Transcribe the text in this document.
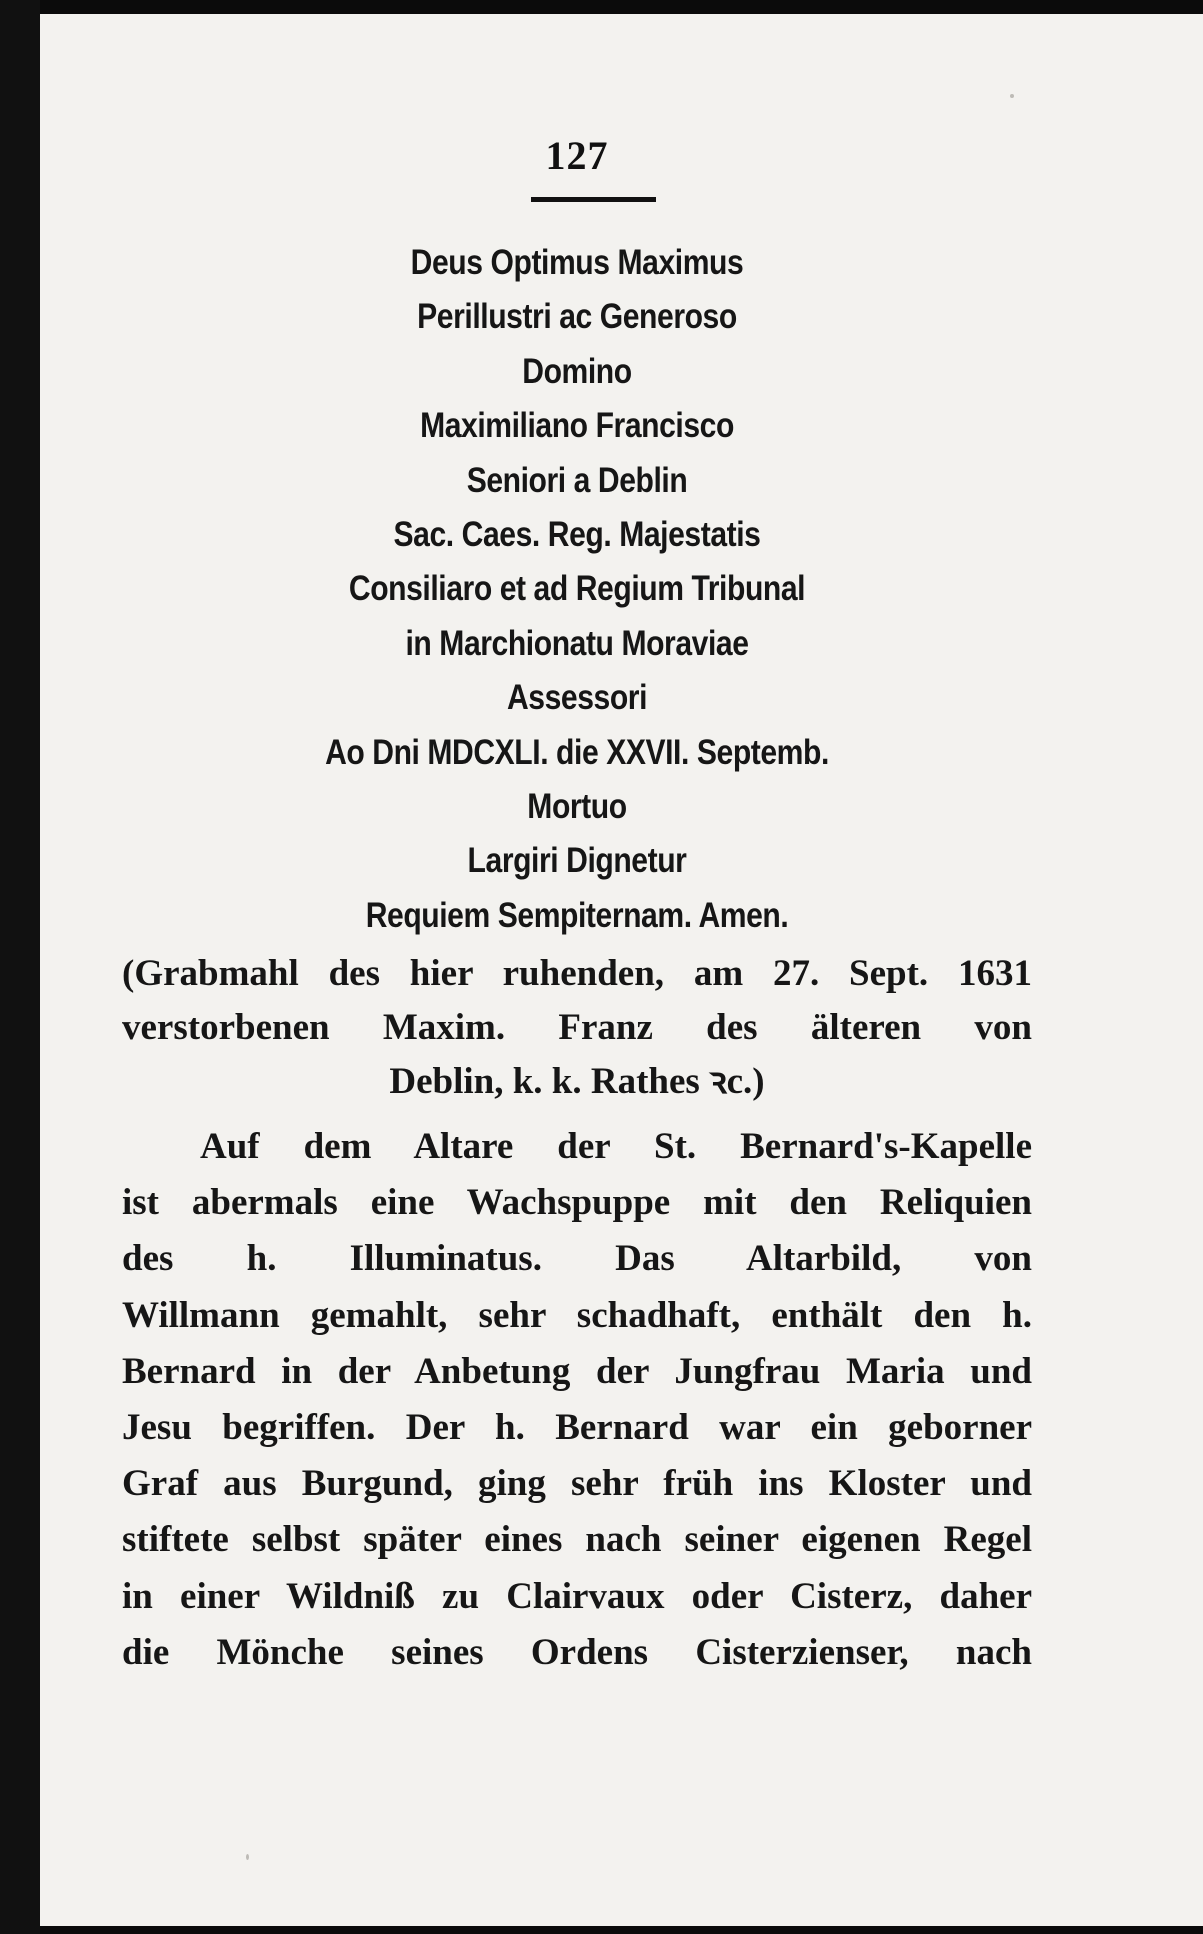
127
Deus Optimus Maximus
Perillustri ac Generoso
Domino
Maximiliano Francisco
Seniori a Deblin
Sac. Caes. Reg. Majestatis
Consiliaro et ad Regium Tribunal
in Marchionatu Moraviae
Assessori
Ao Dni MDCXLI. die XXVII. Septemb.
Mortuo
Largiri Dignetur
Requiem Sempiternam. Amen.
(Grabmahl des hier ruhenden, am 27. Sept. 1631
verstorbenen Maxim. Franz des älteren von
Deblin, k. k. Rathes ꝛc.)
Auf dem Altare der St. Bernard's-Kapelle
ist abermals eine Wachspuppe mit den Reliquien
des h. Illuminatus. Das Altarbild, von
Willmann gemahlt, sehr schadhaft, enthält den h.
Bernard in der Anbetung der Jungfrau Maria und
Jesu begriffen. Der h. Bernard war ein geborner
Graf aus Burgund, ging sehr früh ins Kloster und
stiftete selbst später eines nach seiner eigenen Regel
in einer Wildniß zu Clairvaux oder Cisterz, daher
die Mönche seines Ordens Cisterzienser, nach
